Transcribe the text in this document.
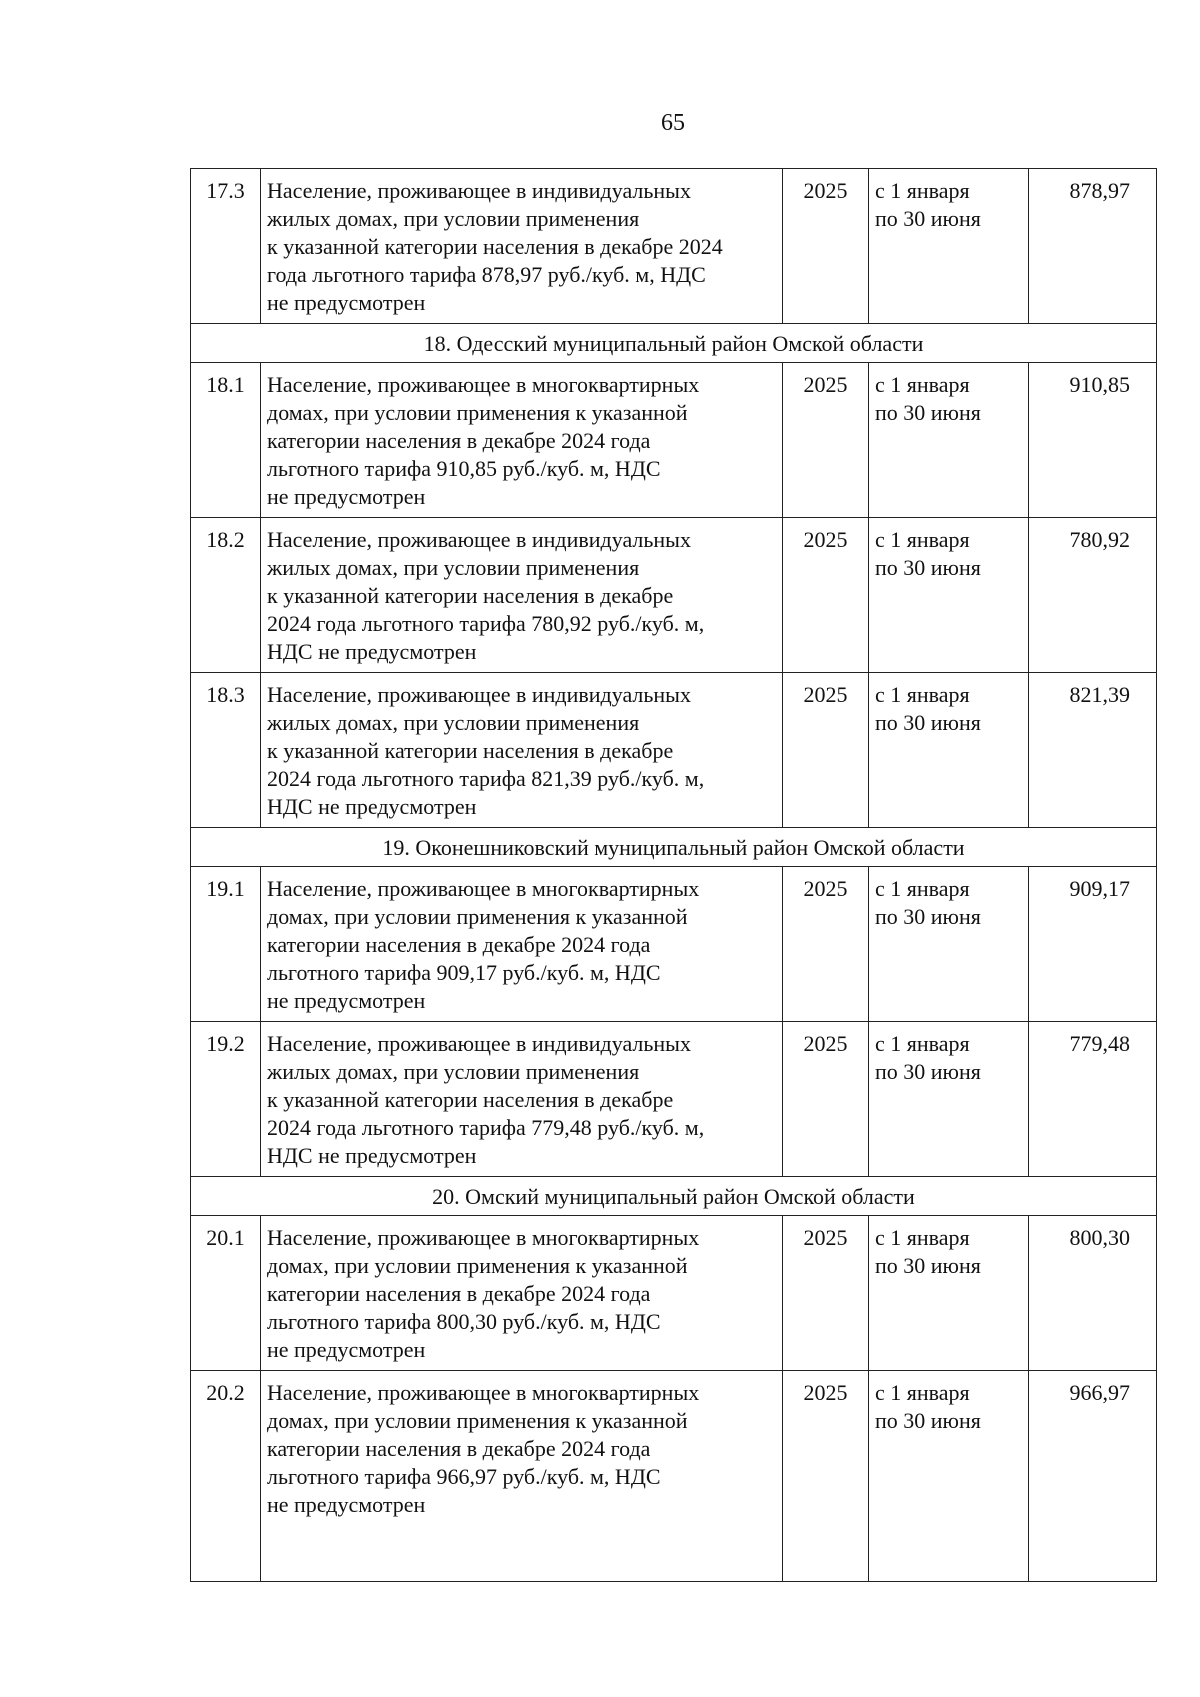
65
17.3	Население, проживающее в индивидуальных
жилых домах, при условии применения
к указанной категории населения в декабре 2024
года льготного тарифа 878,97 руб./куб. м, НДС
не предусмотрен	2025	с 1 января
по 30 июня	878,97
18. Одесский муниципальный район Омской области				
18.1	Население, проживающее в многоквартирных
домах, при условии применения к указанной
категории населения в декабре 2024 года
льготного тарифа 910,85 руб./куб. м, НДС
не предусмотрен	2025	с 1 января
по 30 июня	910,85
18.2	Население, проживающее в индивидуальных
жилых домах, при условии применения
к указанной категории населения в декабре
2024 года льготного тарифа 780,92 руб./куб. м,
НДС не предусмотрен	2025	с 1 января
по 30 июня	780,92
18.3	Население, проживающее в индивидуальных
жилых домах, при условии применения
к указанной категории населения в декабре
2024 года льготного тарифа 821,39 руб./куб. м,
НДС не предусмотрен	2025	с 1 января
по 30 июня	821,39
19. Оконешниковский муниципальный район Омской области				
19.1	Население, проживающее в многоквартирных
домах, при условии применения к указанной
категории населения в декабре 2024 года
льготного тарифа 909,17 руб./куб. м, НДС
не предусмотрен	2025	с 1 января
по 30 июня	909,17
19.2	Население, проживающее в индивидуальных
жилых домах, при условии применения
к указанной категории населения в декабре
2024 года льготного тарифа 779,48 руб./куб. м,
НДС не предусмотрен	2025	с 1 января
по 30 июня	779,48
20. Омский муниципальный район Омской области				
20.1	Население, проживающее в многоквартирных
домах, при условии применения к указанной
категории населения в декабре 2024 года
льготного тарифа 800,30 руб./куб. м, НДС
не предусмотрен	2025	с 1 января
по 30 июня	800,30
20.2	Население, проживающее в многоквартирных
домах, при условии применения к указанной
категории населения в декабре 2024 года
льготного тарифа 966,97 руб./куб. м, НДС
не предусмотрен	2025	с 1 января
по 30 июня	966,97
